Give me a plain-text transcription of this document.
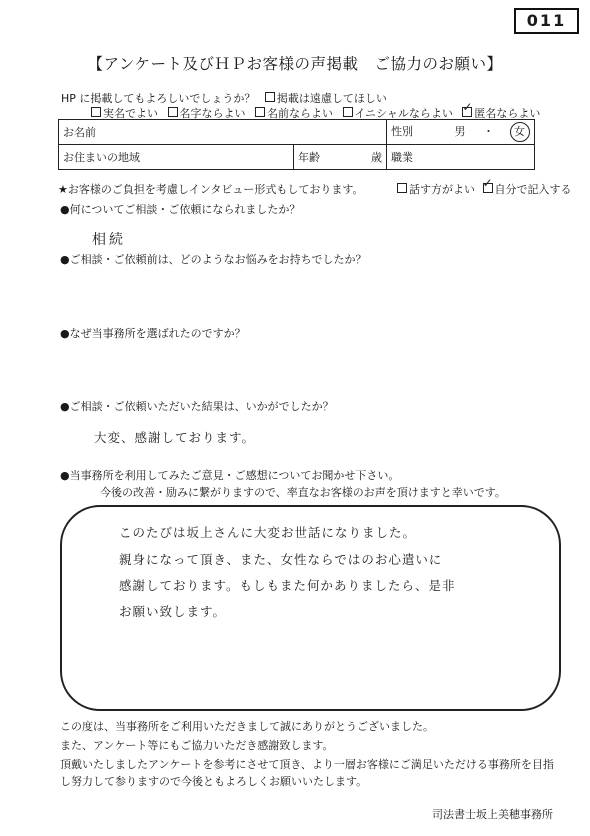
011
【アンケート及びＨＰお客様の声掲載　ご協力のお願い】
HP に掲載してもよろしいでしょうか？ 掲載は遠慮してほしい
実名でよい 名字ならよい 名前ならよい イニシャルならよい ✓ 匿名ならよい
お名前		性別 男 ・ 女
お住まいの地域	年齢 歳	職業
★お客様のご負担を考慮しインタビュー形式もしております。	話す方がよい ✓ 自分で記入する
●何についてご相談・ご依頼になられましたか？
相続
●ご相談・ご依頼前は、どのようなお悩みをお持ちでしたか？
●なぜ当事務所を選ばれたのですか？
●ご相談・ご依頼いただいた結果は、いかがでしたか？
大変、感謝しております。
●当事務所を利用してみたご意見・ご感想についてお聞かせ下さい。
今後の改善・励みに繋がりますので、率直なお客様のお声を頂けますと幸いです。
このたびは坂上さんに大変お世話になりました。
親身になって頂き、また、女性ならではのお心遣いに
感謝しております。もしもまた何かありましたら、是非
お願い致します。
この度は、当事務所をご利用いただきまして誠にありがとうございました。
また、アンケート等にもご協力いただき感謝致します。
頂戴いたしましたアンケートを参考にさせて頂き、より一層お客様にご満足いただける事務所を目指
し努力して参りますので今後ともよろしくお願いいたします。
司法書士坂上美穂事務所
